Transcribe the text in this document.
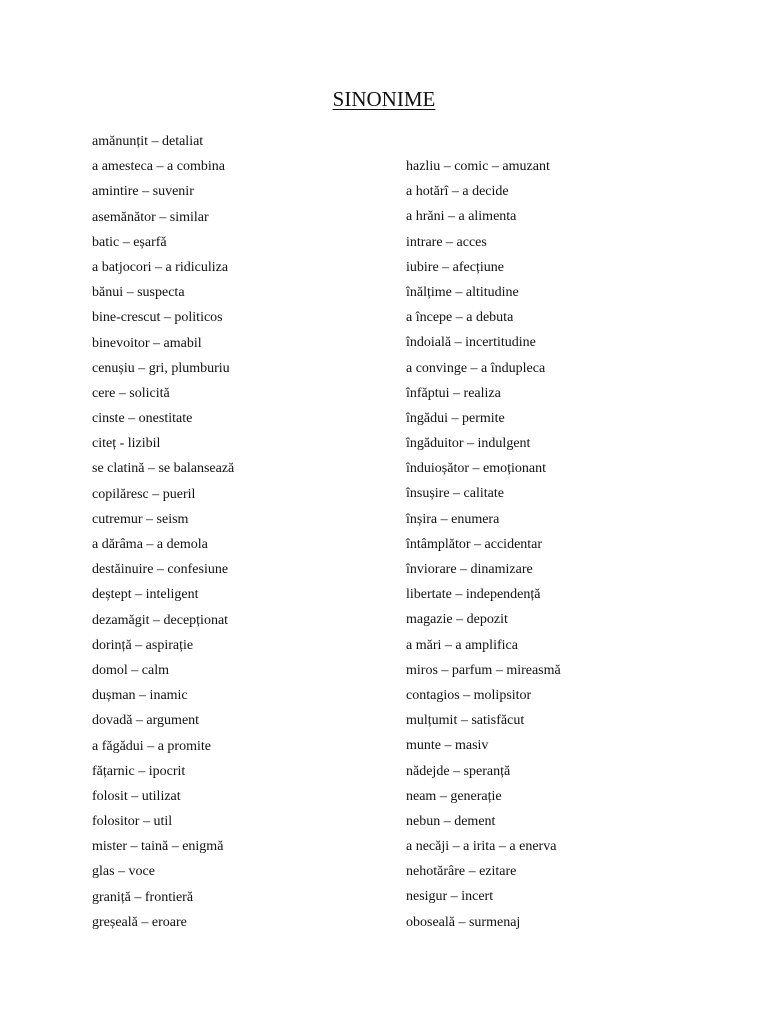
SINONIME
amănunțit – detaliat
a amesteca – a combina
amintire – suvenir
asemănător – similar
batic – eșarfă
a batjocori – a ridiculiza
bănui – suspecta
bine-crescut – politicos
binevoitor – amabil
cenușiu – gri, plumburiu
cere – solicită
cinste – onestitate
citeț - lizibil
se clatină – se balansează
copilăresc – pueril
cutremur – seism
a dărâma – a demola
destăinuire – confesiune
deștept – inteligent
dezamăgit – decepționat
dorință – aspirație
domol – calm
dușman – inamic
dovadă – argument
a făgădui – a promite
fățarnic – ipocrit
folosit – utilizat
folositor – util
mister – taină – enigmă
glas – voce
graniță – frontieră
greșeală – eroare
hazliu – comic – amuzant
a hotărî – a decide
a hrăni – a alimenta
intrare – acces
iubire – afecțiune
înălțime – altitudine
a începe – a debuta
îndoială – incertitudine
a convinge – a îndupleca
înfăptui – realiza
îngădui – permite
îngăduitor – indulgent
înduioșător – emoționant
însușire – calitate
înșira – enumera
întâmplător – accidentar
înviorare – dinamizare
libertate – independență
magazie – depozit
a mări – a amplifica
miros – parfum – mireasmă
contagios – molipsitor
mulțumit – satisfăcut
munte – masiv
nădejde – speranță
neam – generație
nebun – dement
a necăji – a irita – a enerva
nehotărâre – ezitare
nesigur – incert
oboseală – surmenaj
